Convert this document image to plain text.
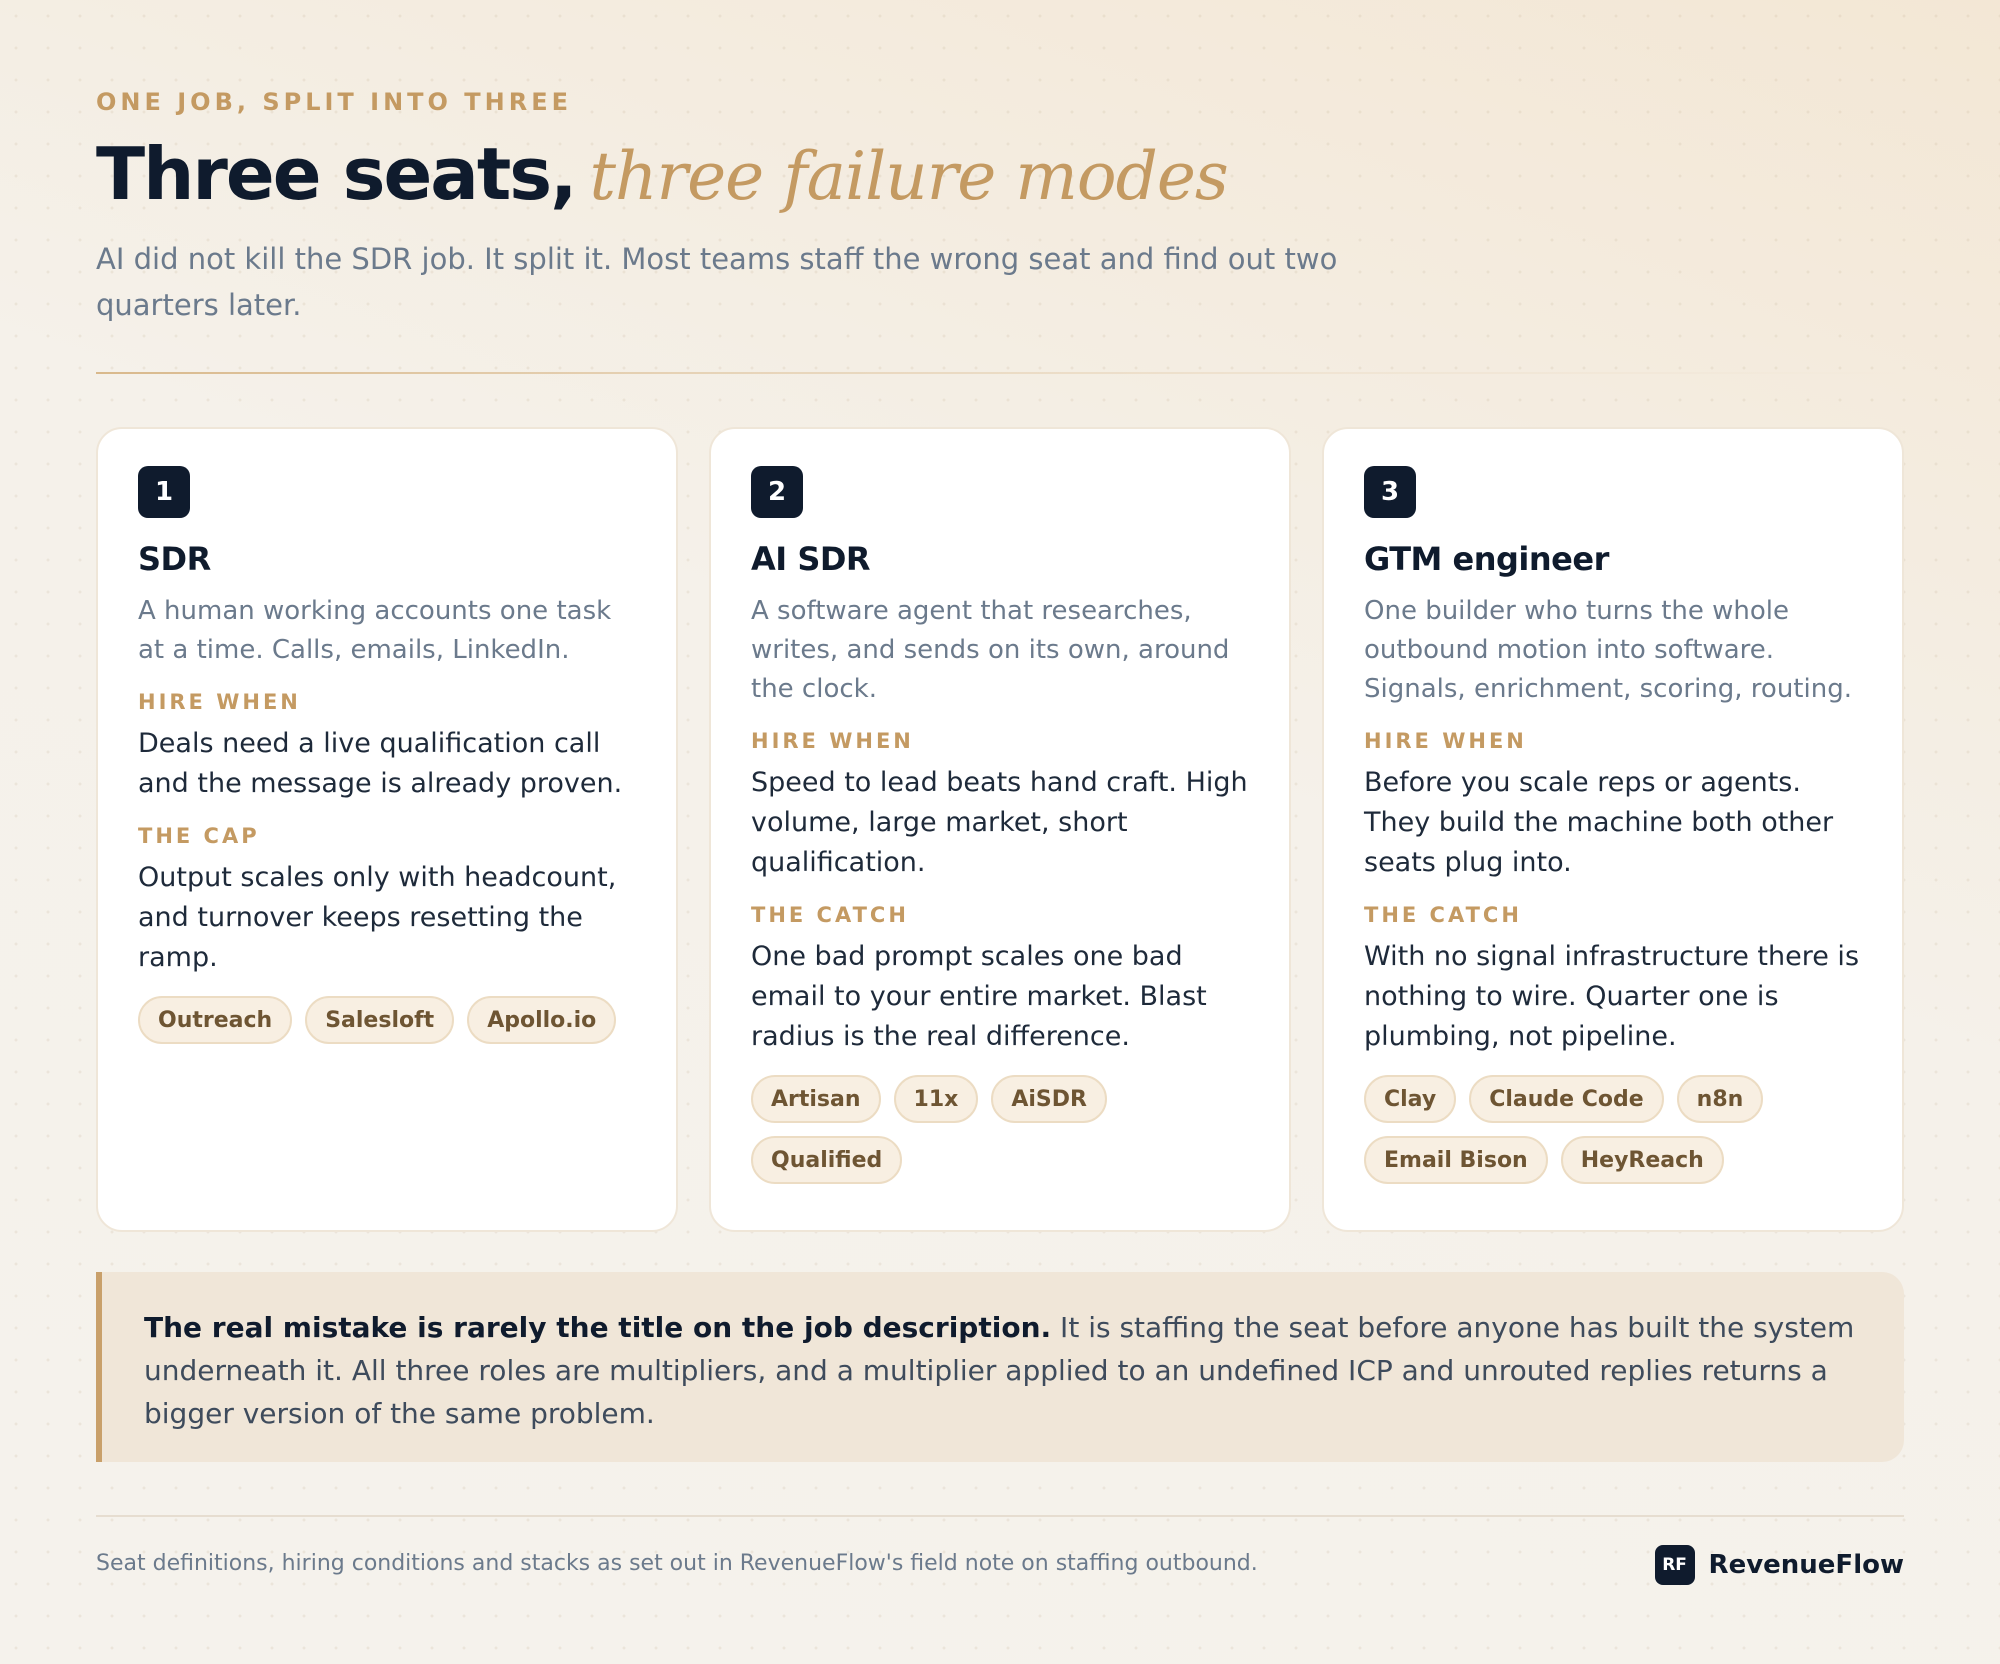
ONE JOB, SPLIT INTO THREE
Three seats, three failure modes
AI did not kill the SDR job. It split it. Most teams staff the wrong seat and find out two quarters later.
1
SDR
A human working accounts one task at a time. Calls, emails, LinkedIn.
HIRE WHEN
Deals need a live qualification call and the message is already proven.
THE CAP
Output scales only with headcount, and turnover keeps resetting the ramp.
Outreach	Salesloft	Apollo.io
2
AI SDR
A software agent that researches, writes, and sends on its own, around the clock.
HIRE WHEN
Speed to lead beats hand craft. High volume, large market, short qualification.
THE CATCH
One bad prompt scales one bad email to your entire market. Blast radius is the real difference.
Artisan	11x	AiSDR
Qualified
3
GTM engineer
One builder who turns the whole outbound motion into software. Signals, enrichment, scoring, routing.
HIRE WHEN
Before you scale reps or agents. They build the machine both other seats plug into.
THE CATCH
With no signal infrastructure there is nothing to wire. Quarter one is plumbing, not pipeline.
Clay	Claude Code	n8n
Email Bison	HeyReach
The real mistake is rarely the title on the job description. It is staffing the seat before anyone has built the system underneath it. All three roles are multipliers, and a multiplier applied to an undefined ICP and unrouted replies returns a bigger version of the same problem.
Seat definitions, hiring conditions and stacks as set out in RevenueFlow's field note on staffing outbound.	RF RevenueFlow
